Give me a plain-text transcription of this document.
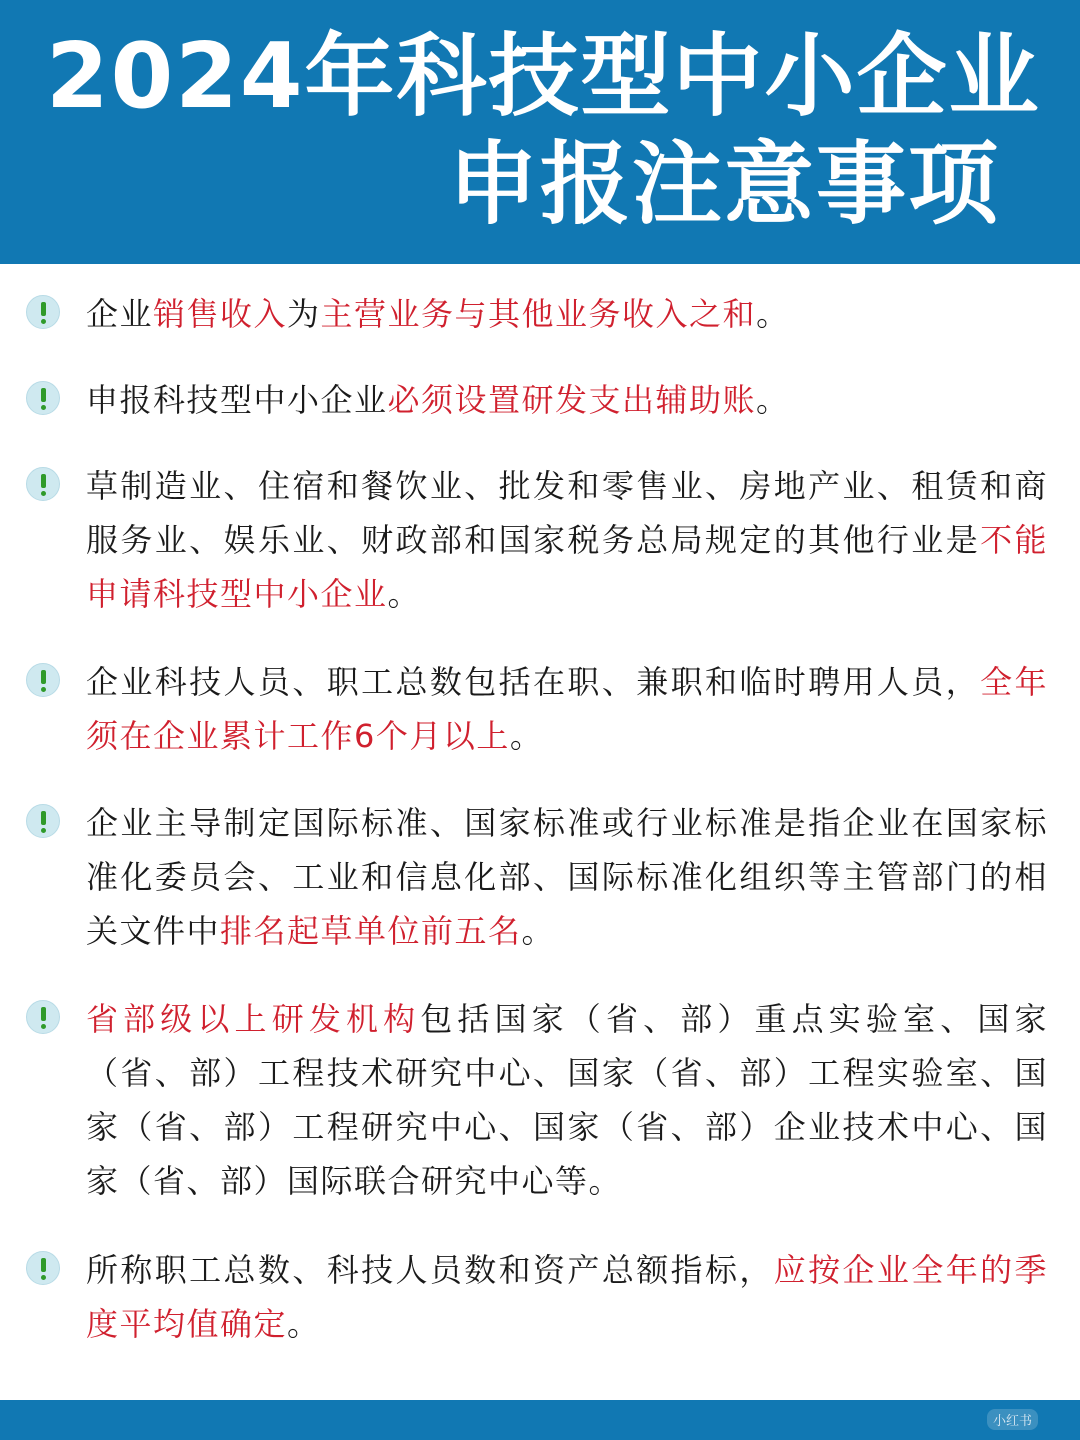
2024年科技型中小企业
申报注意事项
企业销售收入为主营业务与其他业务收入之和。
申报科技型中小企业必须设置研发支出辅助账。
草制造业、住宿和餐饮业、批发和零售业、房地产业、租赁和商服务业、娱乐业、财政部和国家税务总局规定的其他行业是不能申请科技型中小企业。
企业科技人员、职工总数包括在职、兼职和临时聘用人员，全年须在企业累计工作6个月以上。
企业主导制定国际标准、国家标准或行业标准是指企业在国家标准化委员会、工业和信息化部、国际标准化组织等主管部门的相关文件中排名起草单位前五名。
省部级以上研发机构包括国家（省、部）重点实验室、国家（省、部）工程技术研究中心、国家（省、部）工程实验室、国家（省、部）工程研究中心、国家（省、部）企业技术中心、国家（省、部）国际联合研究中心等。
所称职工总数、科技人员数和资产总额指标，应按企业全年的季度平均值确定。
小红书
